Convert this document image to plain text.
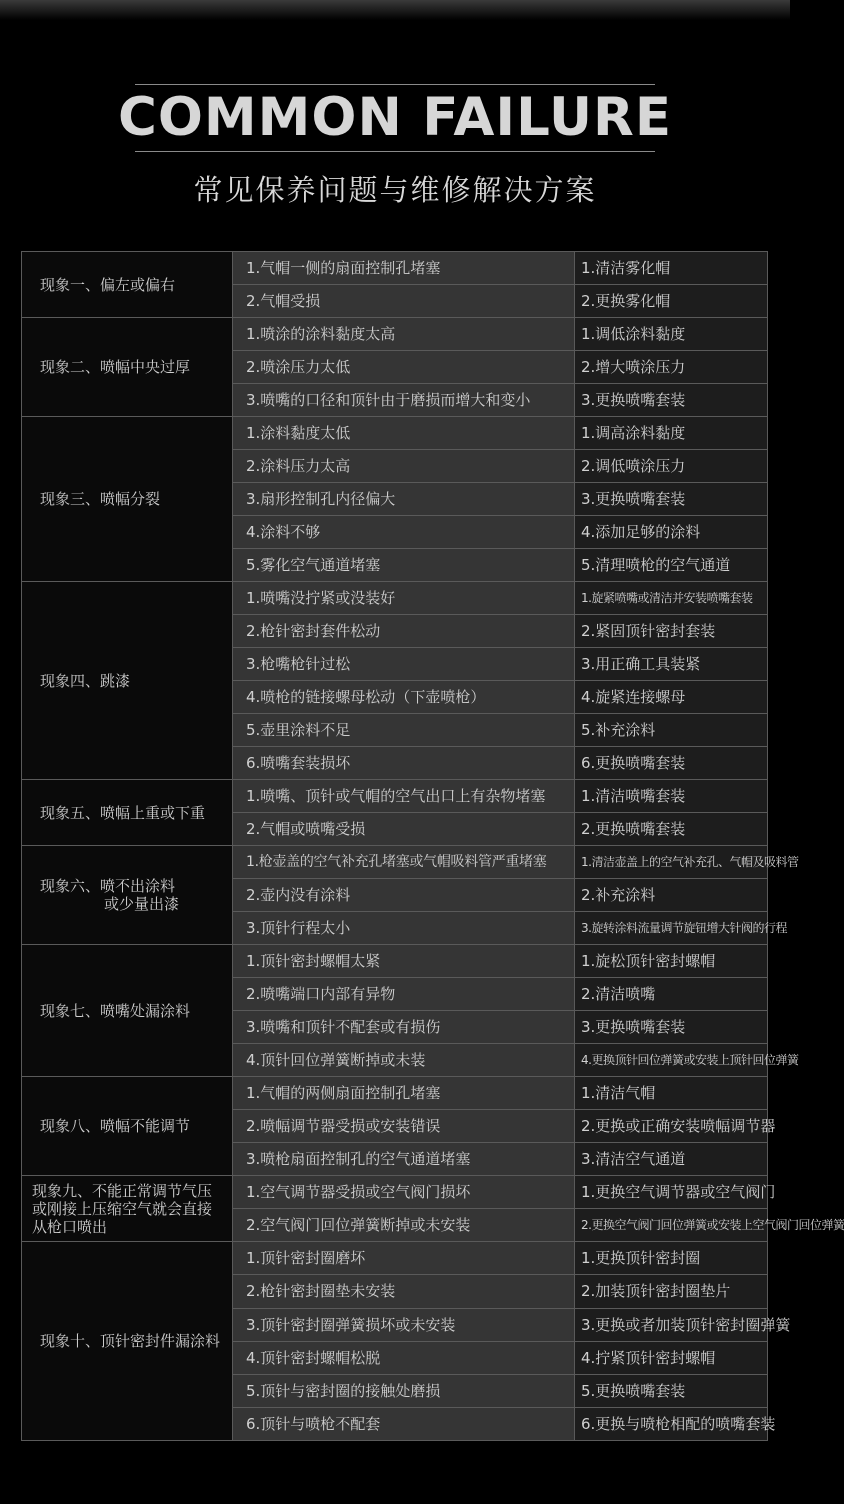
COMMON FAILURE
常见保养问题与维修解决方案
现象一、偏左或偏右	1.气帽一侧的扇面控制孔堵塞	1.清洁雾化帽
	2.气帽受损	2.更换雾化帽

现象二、喷幅中央过厚	1.喷涂的涂料黏度太高	1.调低涂料黏度
	2.喷涂压力太低	2.增大喷涂压力
	3.喷嘴的口径和顶针由于磨损而增大和变小	3.更换喷嘴套装

现象三、喷幅分裂	1.涂料黏度太低	1.调高涂料黏度
	2.涂料压力太高	2.调低喷涂压力
	3.扇形控制孔内径偏大	3.更换喷嘴套装
	4.涂料不够	4.添加足够的涂料
	5.雾化空气通道堵塞	5.清理喷枪的空气通道

现象四、跳漆	1.喷嘴没拧紧或没装好	1.旋紧喷嘴或清洁并安装喷嘴套装
	2.枪针密封套件松动	2.紧固顶针密封套装
	3.枪嘴枪针过松	3.用正确工具装紧
	4.喷枪的链接螺母松动（下壶喷枪）	4.旋紧连接螺母
	5.壶里涂料不足	5.补充涂料
	6.喷嘴套装损坏	6.更换喷嘴套装

现象五、喷幅上重或下重	1.喷嘴、顶针或气帽的空气出口上有杂物堵塞	1.清洁喷嘴套装
	2.气帽或喷嘴受损	2.更换喷嘴套装

现象六、喷不出涂料
或少量出漆	1.枪壶盖的空气补充孔堵塞或气帽吸料管严重堵塞	1.清洁壶盖上的空气补充孔、气帽及吸料管
	2.壶内没有涂料	2.补充涂料
	3.顶针行程太小	3.旋转涂料流量调节旋钮增大针阀的行程

现象七、喷嘴处漏涂料	1.顶针密封螺帽太紧	1.旋松顶针密封螺帽
	2.喷嘴端口内部有异物	2.清洁喷嘴
	3.喷嘴和顶针不配套或有损伤	3.更换喷嘴套装
	4.顶针回位弹簧断掉或未装	4.更换顶针回位弹簧或安装上顶针回位弹簧

现象八、喷幅不能调节	1.气帽的两侧扇面控制孔堵塞	1.清洁气帽
	2.喷幅调节器受损或安装错误	2.更换或正确安装喷幅调节器
	3.喷枪扇面控制孔的空气通道堵塞	3.清洁空气通道

现象九、不能正常调节气压
或刚接上压缩空气就会直接
从枪口喷出	1.空气调节器受损或空气阀门损坏	1.更换空气调节器或空气阀门
	2.空气阀门回位弹簧断掉或未安装	2.更换空气阀门回位弹簧或安装上空气阀门回位弹簧

现象十、顶针密封件漏涂料	1.顶针密封圈磨坏	1.更换顶针密封圈
	2.枪针密封圈垫未安装	2.加装顶针密封圈垫片
	3.顶针密封圈弹簧损坏或未安装	3.更换或者加装顶针密封圈弹簧
	4.顶针密封螺帽松脱	4.拧紧顶针密封螺帽
	5.顶针与密封圈的接触处磨损	5.更换喷嘴套装
	6.顶针与喷枪不配套	6.更换与喷枪相配的喷嘴套装
